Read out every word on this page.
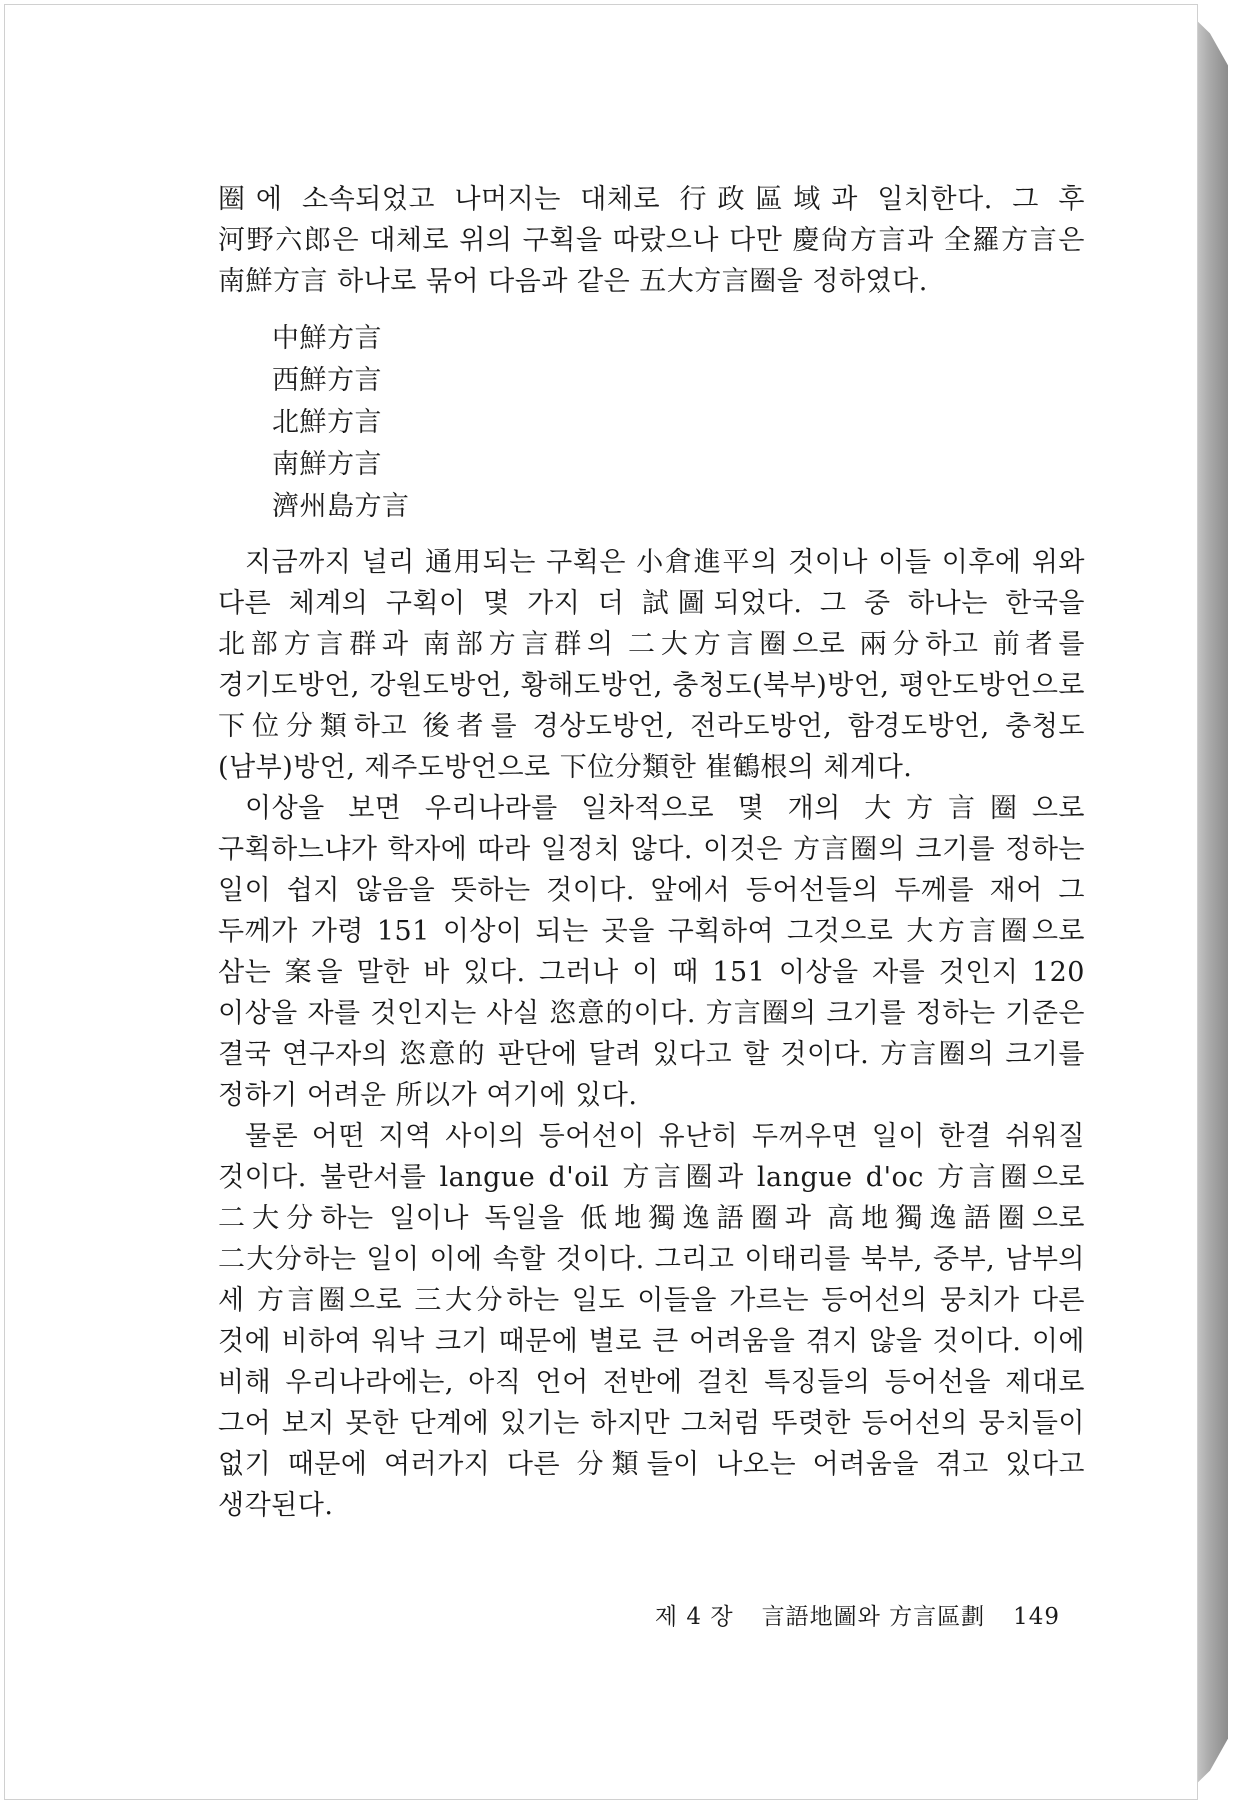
圈에 소속되었고 나머지는 대체로 行政區域과 일치한다. 그 후 河野六郎은 대체로 위의 구획을 따랐으나 다만 慶尙方言과 全羅方言은 南鮮方言 하나로 묶어 다음과 같은 五大方言圈을 정하였다.

中鮮方言
西鮮方言
北鮮方言
南鮮方言
濟州島方言

지금까지 널리 通用되는 구획은 小倉進平의 것이나 이들 이후에 위와 다른 체계의 구획이 몇 가지 더 試圖되었다. 그 중 하나는 한국을 北部方言群과 南部方言群의 二大方言圈으로 兩分하고 前者를 경기도방언, 강원도방언, 황해도방언, 충청도(북부)방언, 평안도방언으로 下位分類하고 後者를 경상도방언, 전라도방언, 함경도방언, 충청도(남부)방언, 제주도방언으로 下位分類한 崔鶴根의 체계다.

이상을 보면 우리나라를 일차적으로 몇 개의 大方言圈으로 구획하느냐가 학자에 따라 일정치 않다. 이것은 方言圈의 크기를 정하는 일이 쉽지 않음을 뜻하는 것이다. 앞에서 등어선들의 두께를 재어 그 두께가 가령 151 이상이 되는 곳을 구획하여 그것으로 大方言圈으로 삼는 案을 말한 바 있다. 그러나 이 때 151 이상을 자를 것인지 120 이상을 자를 것인지는 사실 恣意的이다. 方言圈의 크기를 정하는 기준은 결국 연구자의 恣意的 판단에 달려 있다고 할 것이다. 方言圈의 크기를 정하기 어려운 所以가 여기에 있다.

물론 어떤 지역 사이의 등어선이 유난히 두꺼우면 일이 한결 쉬워질 것이다. 불란서를 langue d'oil 方言圈과 langue d'oc 方言圈으로 二大分하는 일이나 독일을 低地獨逸語圈과 高地獨逸語圈으로 二大分하는 일이 이에 속할 것이다. 그리고 이태리를 북부, 중부, 남부의 세 方言圈으로 三大分하는 일도 이들을 가르는 등어선의 뭉치가 다른 것에 비하여 워낙 크기 때문에 별로 큰 어려움을 겪지 않을 것이다. 이에 비해 우리나라에는, 아직 언어 전반에 걸친 특징들의 등어선을 제대로 그어 보지 못한 단계에 있기는 하지만 그처럼 뚜렷한 등어선의 뭉치들이 없기 때문에 여러가지 다른 分類들이 나오는 어려움을 겪고 있다고 생각된다.

제 4 장 言語地圖와 方言區劃 149
